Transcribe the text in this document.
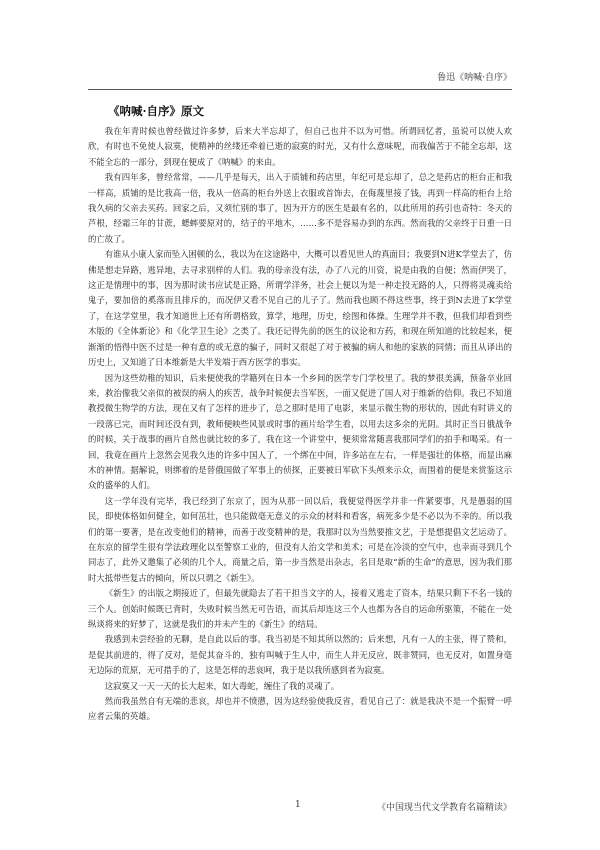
鲁迅《呐喊·自序》
《呐喊·自序》原文

我在年青时候也曾经做过许多梦，后来大半忘却了，但自己也并不以为可惜。所谓回忆者，虽说可以使人欢欣，有时也不免使人寂寞，使精神的丝缕还牵着已逝的寂寞的时光，又有什么意味呢，而我偏苦于不能全忘却，这不能全忘的一部分，到现在便成了《呐喊》的来由。

我有四年多，曾经常常，——几乎是每天，出入于质铺和药店里，年纪可是忘却了，总之是药店的柜台正和我一样高，质铺的是比我高一倍，我从一倍高的柜台外送上衣服或首饰去，在侮蔑里接了钱，再到一样高的柜台上给我久病的父亲去买药。回家之后，又须忙别的事了，因为开方的医生是最有名的，以此所用的药引也奇特：冬天的芦根，经霜三年的甘蔗，蟋蟀要原对的，结子的平地木，……多不是容易办到的东西。然而我的父亲终于日重一日的亡故了。

有谁从小康人家而坠入困顿的么，我以为在这途路中，大概可以看见世人的真面目；我要到N进K学堂去了，仿佛是想走异路，逃异地，去寻求别样的人们。我的母亲没有法，办了八元的川资，说是由我的自便；然而伊哭了，这正是情理中的事，因为那时读书应试是正路，所谓学洋务，社会上便以为是一种走投无路的人，只得将灵魂卖给鬼子，要加倍的奚落而且排斥的，而况伊又看不见自己的儿子了。然而我也顾不得这些事，终于到N去进了K学堂了，在这学堂里，我才知道世上还有所谓格致，算学，地理，历史，绘图和体操。生理学并不教，但我们却看到些木版的《全体新论》和《化学卫生论》之类了。我还记得先前的医生的议论和方药，和现在所知道的比较起来，便渐渐的悟得中医不过是一种有意的或无意的骗子，同时又很起了对于被骗的病人和他的家族的同情；而且从译出的历史上，又知道了日本维新是大半发端于西方医学的事实。

因为这些幼稚的知识，后来便使我的学籍列在日本一个乡间的医学专门学校里了。我的梦很美满，预备卒业回来，救治像我父亲似的被误的病人的疾苦，战争时候便去当军医，一面又促进了国人对于维新的信仰。我已不知道教授微生物学的方法，现在又有了怎样的进步了，总之那时是用了电影，来显示微生物的形状的，因此有时讲义的一段落已完，而时间还没有到，教师便映些风景或时事的画片给学生看，以用去这多余的光阴。其时正当日俄战争的时候，关于战事的画片自然也就比较的多了，我在这一个讲堂中，便须常常随喜我那同学们的拍手和喝采。有一回，我竟在画片上忽然会见我久违的许多中国人了，一个绑在中间，许多站在左右，一样是强壮的体格，而显出麻木的神情。据解说，则绑着的是替俄国做了军事上的侦探，正要被日军砍下头颅来示众，而围着的便是来赏鉴这示众的盛举的人们。

这一学年没有完毕，我已经到了东京了，因为从那一回以后，我便觉得医学并非一件紧要事，凡是愚弱的国民，即使体格如何健全，如何茁壮，也只能做毫无意义的示众的材料和看客，病死多少是不必以为不幸的。所以我们的第一要著，是在改变他们的精神，而善于改变精神的是，我那时以为当然要推文艺，于是想提倡文艺运动了。在东京的留学生很有学法政理化以至警察工业的，但没有人治文学和美术；可是在冷淡的空气中，也幸而寻到几个同志了，此外又邀集了必须的几个人，商量之后，第一步当然是出杂志，名目是取“新的生命”的意思，因为我们那时大抵带些复古的倾向，所以只谓之《新生》。

《新生》的出版之期接近了，但最先就隐去了若干担当文字的人，接着又逃走了资本，结果只剩下不名一钱的三个人。创始时候既已背时，失败时候当然无可告语，而其后却连这三个人也都为各自的运命所驱策，不能在一处纵谈将来的好梦了，这就是我们的并未产生的《新生》的结局。

我感到未尝经验的无聊，是自此以后的事。我当初是不知其所以然的；后来想，凡有一人的主张，得了赞和，是促其前进的，得了反对，是促其奋斗的，独有叫喊于生人中，而生人并无反应，既非赞同，也无反对，如置身毫无边际的荒原，无可措手的了，这是怎样的悲哀呵，我于是以我所感到者为寂寞。

这寂寞又一天一天的长大起来，如大毒蛇，缠住了我的灵魂了。

然而我虽然自有无端的悲哀，却也并不愤懑，因为这经验使我反省，看见自己了：就是我决不是一个振臂一呼应者云集的英雄。

1	《中国现当代文学教育名篇精读》
